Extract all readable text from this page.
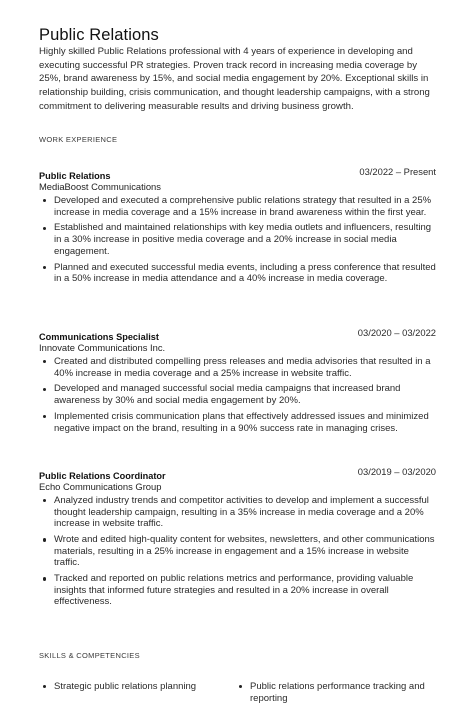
Public Relations
Highly skilled Public Relations professional with 4 years of experience in developing and executing successful PR strategies. Proven track record in increasing media coverage by 25%, brand awareness by 15%, and social media engagement by 20%. Exceptional skills in relationship building, crisis communication, and thought leadership campaigns, with a strong commitment to delivering measurable results and driving business growth.
WORK EXPERIENCE
Public Relations	03/2022 – Present
MediaBoost Communications
Developed and executed a comprehensive public relations strategy that resulted in a 25% increase in media coverage and a 15% increase in brand awareness within the first year.
Established and maintained relationships with key media outlets and influencers, resulting in a 30% increase in positive media coverage and a 20% increase in social media engagement.
Planned and executed successful media events, including a press conference that resulted in a 50% increase in media attendance and a 40% increase in media coverage.
Communications Specialist	03/2020 – 03/2022
Innovate Communications Inc.
Created and distributed compelling press releases and media advisories that resulted in a 40% increase in media coverage and a 25% increase in website traffic.
Developed and managed successful social media campaigns that increased brand awareness by 30% and social media engagement by 20%.
Implemented crisis communication plans that effectively addressed issues and minimized negative impact on the brand, resulting in a 90% success rate in managing crises.
Public Relations Coordinator	03/2019 – 03/2020
Echo Communications Group
Analyzed industry trends and competitor activities to develop and implement a successful thought leadership campaign, resulting in a 35% increase in media coverage and a 20% increase in website traffic.
Wrote and edited high-quality content for websites, newsletters, and other communications materials, resulting in a 25% increase in engagement and a 15% increase in website traffic.
Tracked and reported on public relations metrics and performance, providing valuable insights that informed future strategies and resulted in a 20% increase in overall effectiveness.
SKILLS & COMPETENCIES
Strategic public relations planning	Public relations performance tracking and reporting
